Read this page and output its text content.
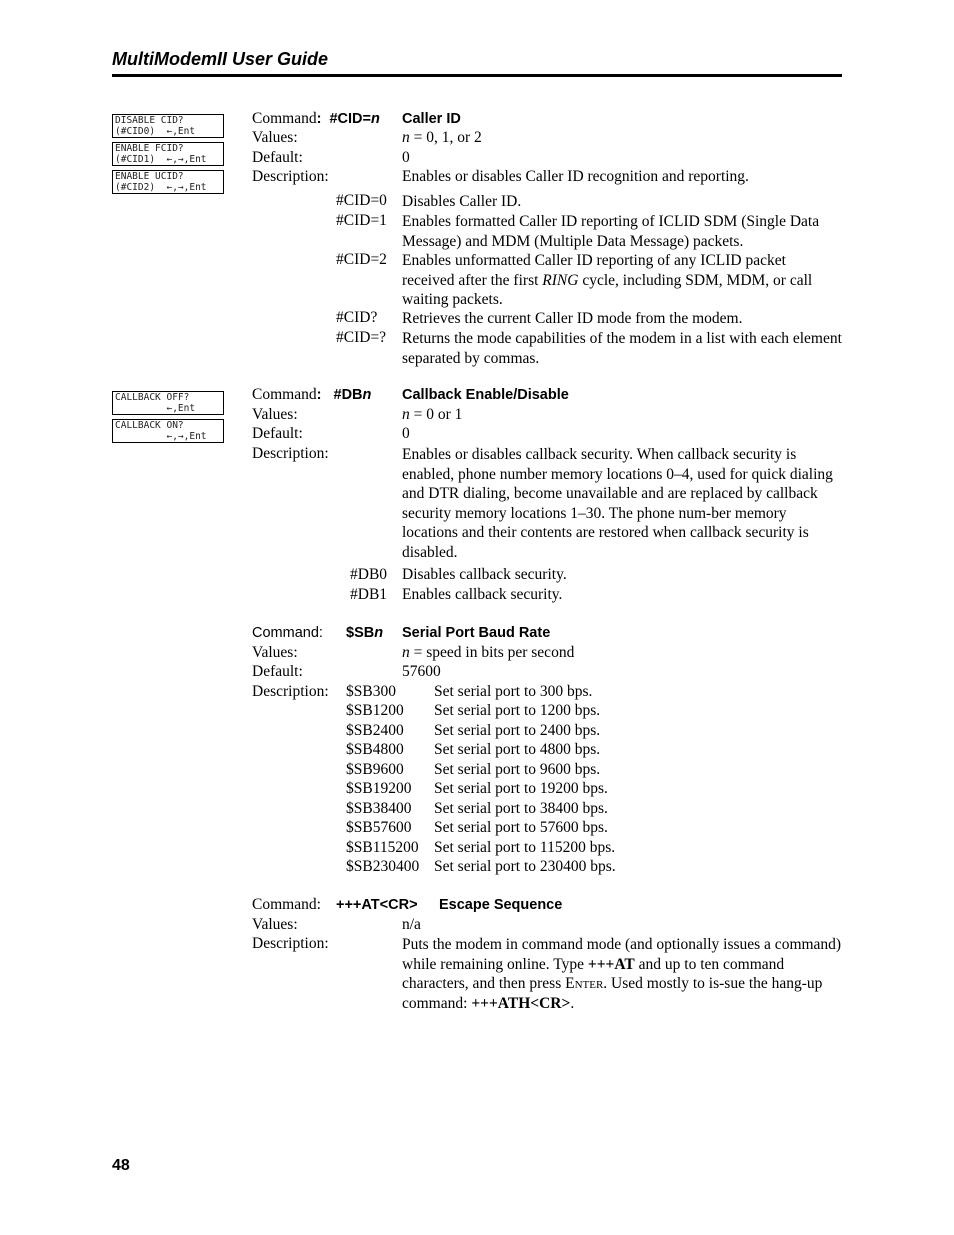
MultiModemII User Guide
DISABLE CID?
(#CID0)  ←,Ent
ENABLE FCID?
(#CID1)  ←,→,Ent
ENABLE UCID?
(#CID2)  ←,→,Ent
CALLBACK OFF?
←,Ent
CALLBACK ON?
←,→,Ent
Command:  #CID=n Caller ID
Values:	n = 0, 1, or 2
Default:	0
Description:	Enables or disables Caller ID recognition and reporting.
#CID=0 Disables Caller ID.
#CID=1 Enables formatted Caller ID reporting of ICLID SDM (Single Data Message) and MDM (Multiple Data Message) packets.
#CID=2 Enables unformatted Caller ID reporting of any ICLID packet received after the first RING cycle, including SDM, MDM, or call waiting packets.
#CID? Retrieves the current Caller ID mode from the modem.
#CID=? Returns the mode capabilities of the modem in a list with each element separated by commas.
Command:   #DBn Callback Enable/Disable
Values:	n = 0 or 1
Default:	0
Description:	Enables or disables callback security. When callback security is enabled, phone number memory locations 0–4, used for quick dialing and DTR dialing, become unavailable and are replaced by callback security memory locations 1–30. The phone num-ber memory locations and their contents are restored when callback security is disabled.
#DB0 Disables callback security.
#DB1 Enables callback security.
Command: $SBn Serial Port Baud Rate
Values:	n = speed in bits per second
Default:	57600
Description: $SB300 Set serial port to 300 bps.
$SB1200 Set serial port to 1200 bps.
$SB2400 Set serial port to 2400 bps.
$SB4800 Set serial port to 4800 bps.
$SB9600 Set serial port to 9600 bps.
$SB19200 Set serial port to 19200 bps.
$SB38400 Set serial port to 38400 bps.
$SB57600 Set serial port to 57600 bps.
$SB115200 Set serial port to 115200 bps.
$SB230400 Set serial port to 230400 bps.
Command: +++AT<CR> Escape Sequence
Values:	n/a
Description:	Puts the modem in command mode (and optionally issues a command) while remaining online. Type +++AT and up to ten command characters, and then press Enter. Used mostly to is-sue the hang-up command: +++ATH<CR>.
48
